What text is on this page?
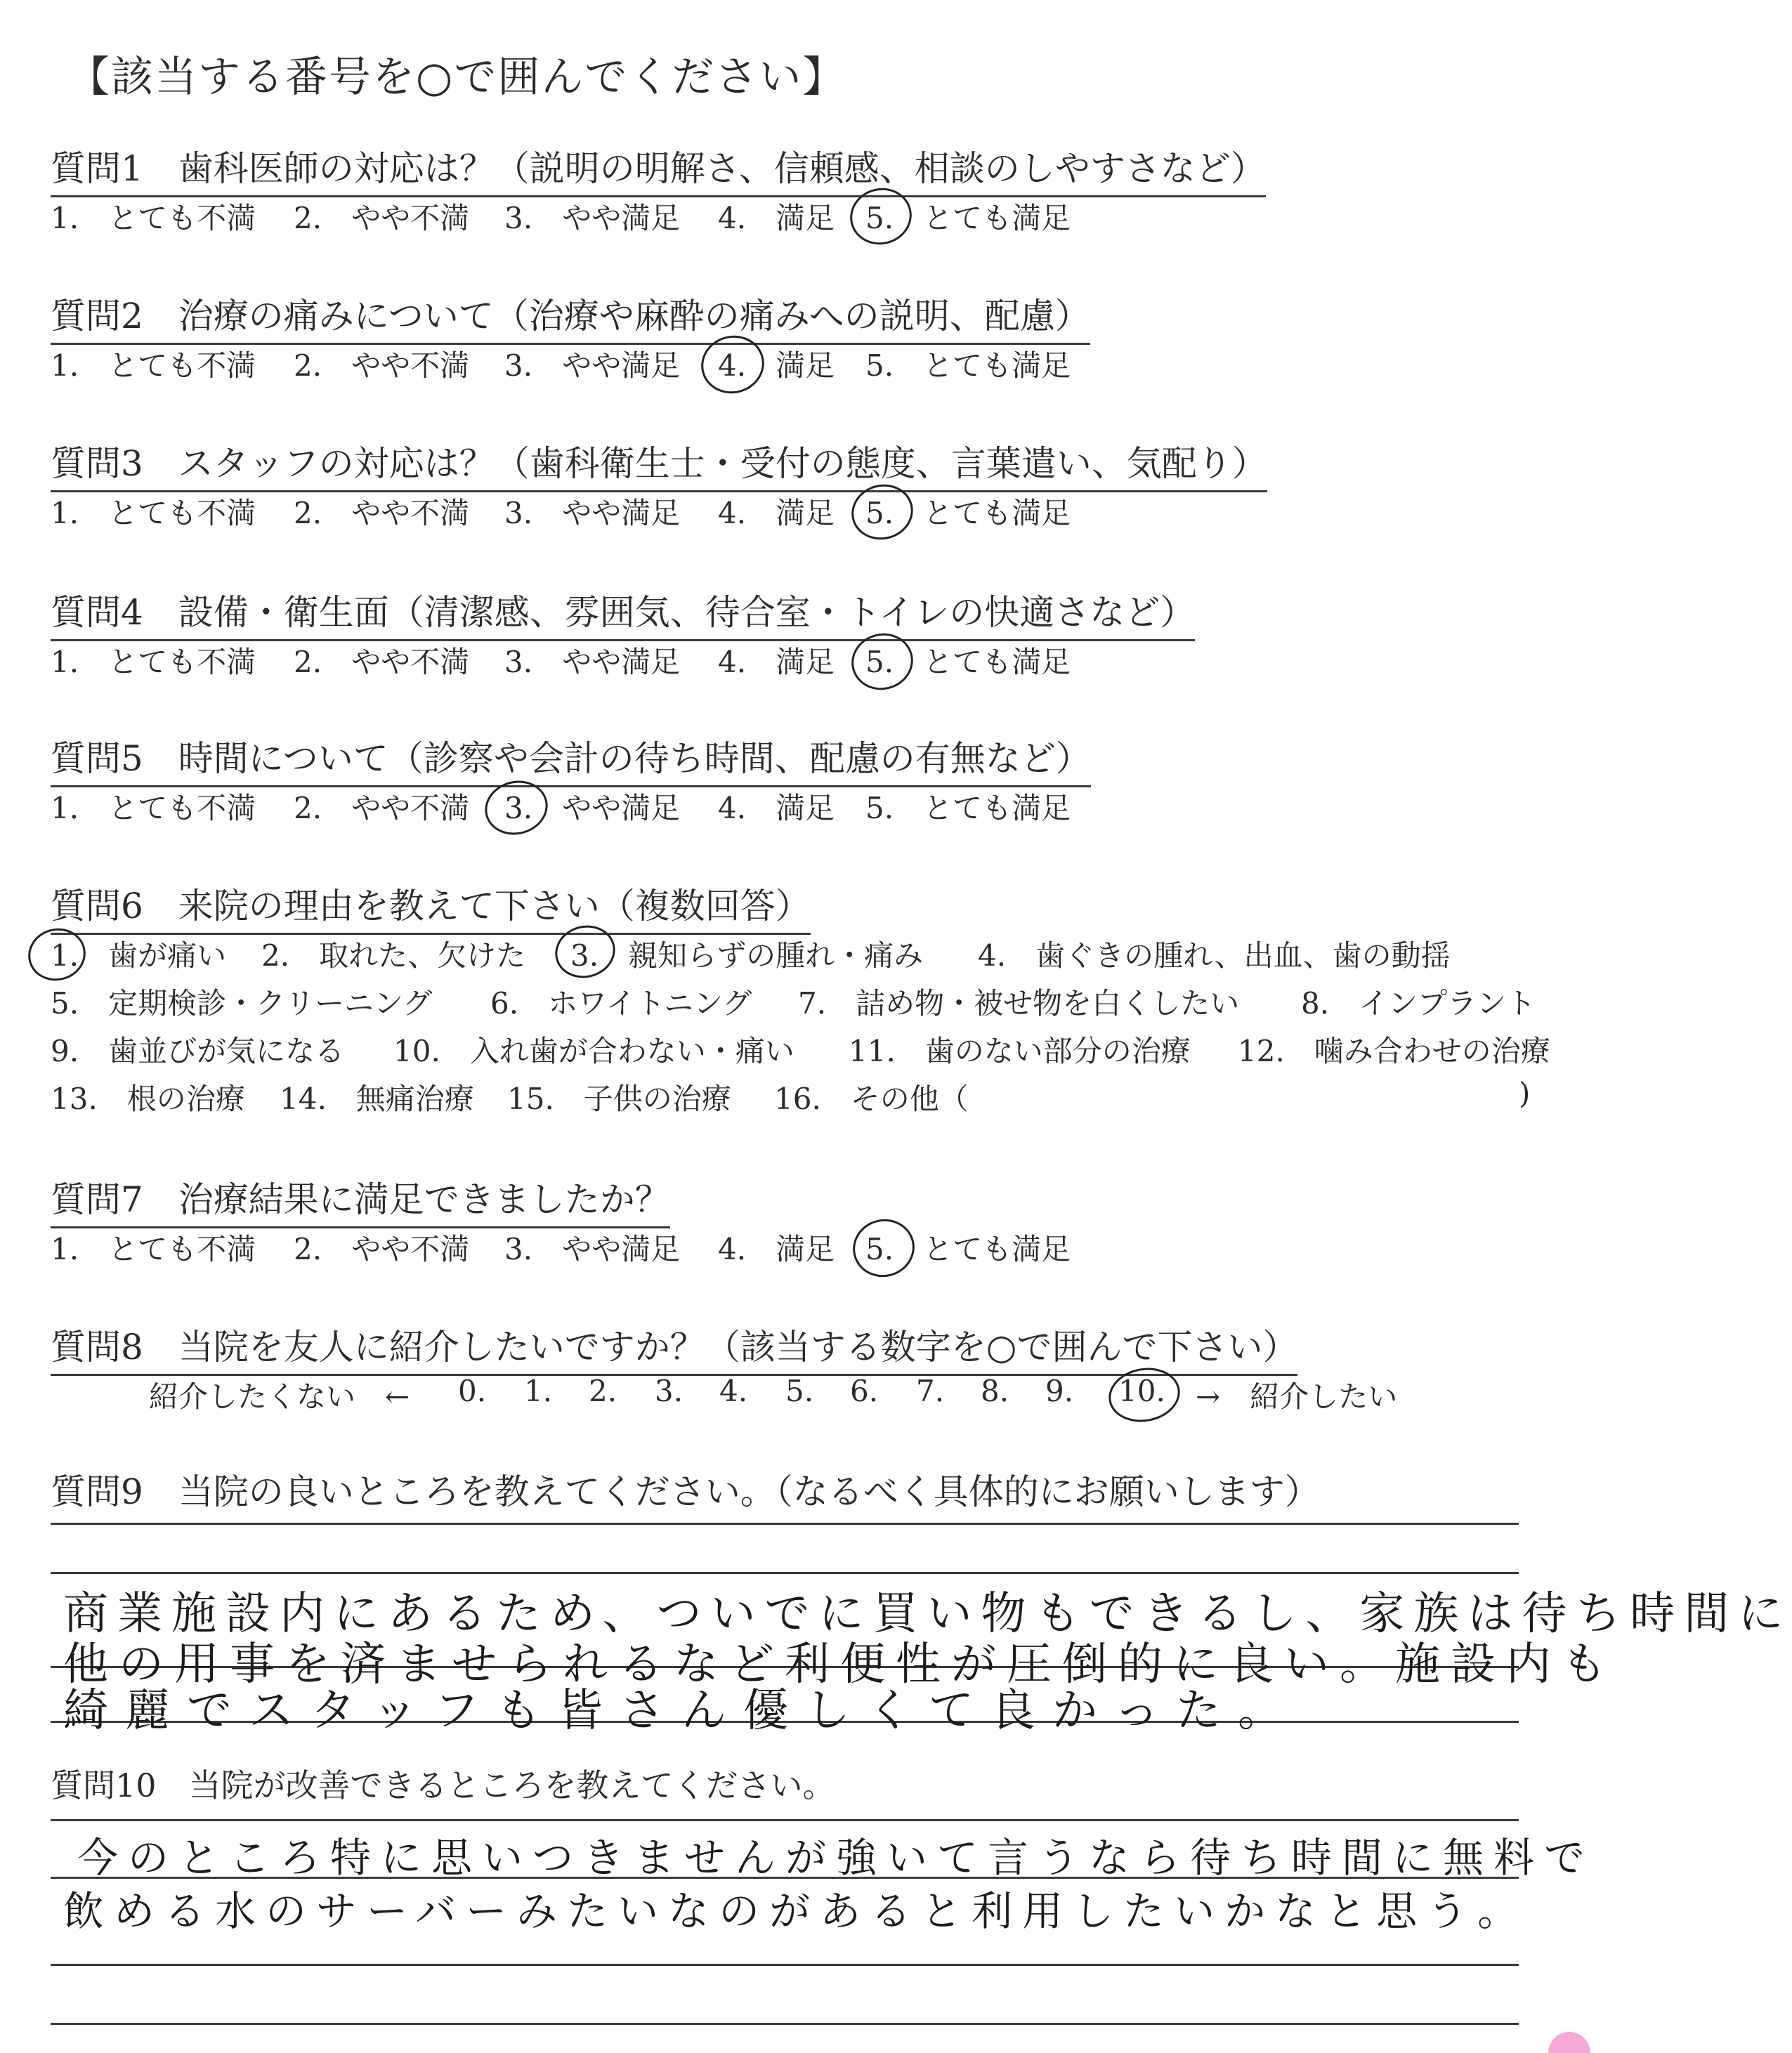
【該当する番号を○で囲んでください】
質問1　歯科医師の対応は？（説明の明解さ、信頼感、相談のしやすさなど）
1.　とても不満 2.　やや不満 3.　やや満足 4.　満足 5.　とても満足
質問2　治療の痛みについて（治療や麻酔の痛みへの説明、配慮）
1.　とても不満 2.　やや不満 3.　やや満足 4.　満足 5.　とても満足
質問3　スタッフの対応は？（歯科衛生士・受付の態度、言葉遣い、気配り）
1.　とても不満 2.　やや不満 3.　やや満足 4.　満足 5.　とても満足
質問4　設備・衛生面（清潔感、雰囲気、待合室・トイレの快適さなど）
1.　とても不満 2.　やや不満 3.　やや満足 4.　満足 5.　とても満足
質問5　時間について（診察や会計の待ち時間、配慮の有無など）
1.　とても不満 2.　やや不満 3.　やや満足 4.　満足 5.　とても満足
質問6　来院の理由を教えて下さい（複数回答）
1.　歯が痛い 2.　取れた、欠けた 3.　親知らずの腫れ・痛み 4.　歯ぐきの腫れ、出血、歯の動揺
5.　定期検診・クリーニング 6.　ホワイトニング 7.　詰め物・被せ物を白くしたい 8.　インプラント
9.　歯並びが気になる 10.　入れ歯が合わない・痛い 11.　歯のない部分の治療 12.　噛み合わせの治療
13.　根の治療 14.　無痛治療 15.　子供の治療 16.　その他（	)
質問7　治療結果に満足できましたか？
1.　とても不満 2.　やや不満 3.　やや満足 4.　満足 5.　とても満足
質問8　当院を友人に紹介したいですか？（該当する数字を○で囲んで下さい）
紹介したくない　← 0. 1. 2. 3. 4. 5. 6. 7. 8. 9. 10. →　紹介したい
質問9　当院の良いところを教えてください。（なるべく具体的にお願いします）
商業施設内にあるため、ついでに買い物もできるし、家族は待ち時間に
他の用事を済ませられるなど利便性が圧倒的に良い。施設内も
綺麗でスタッフも皆さん優しくて良かった。
質問10　当院が改善できるところを教えてください。
今のところ特に思いつきませんが強いて言うなら待ち時間に無料で
飲める水のサーバーみたいなのがあると利用したいかなと思う。
